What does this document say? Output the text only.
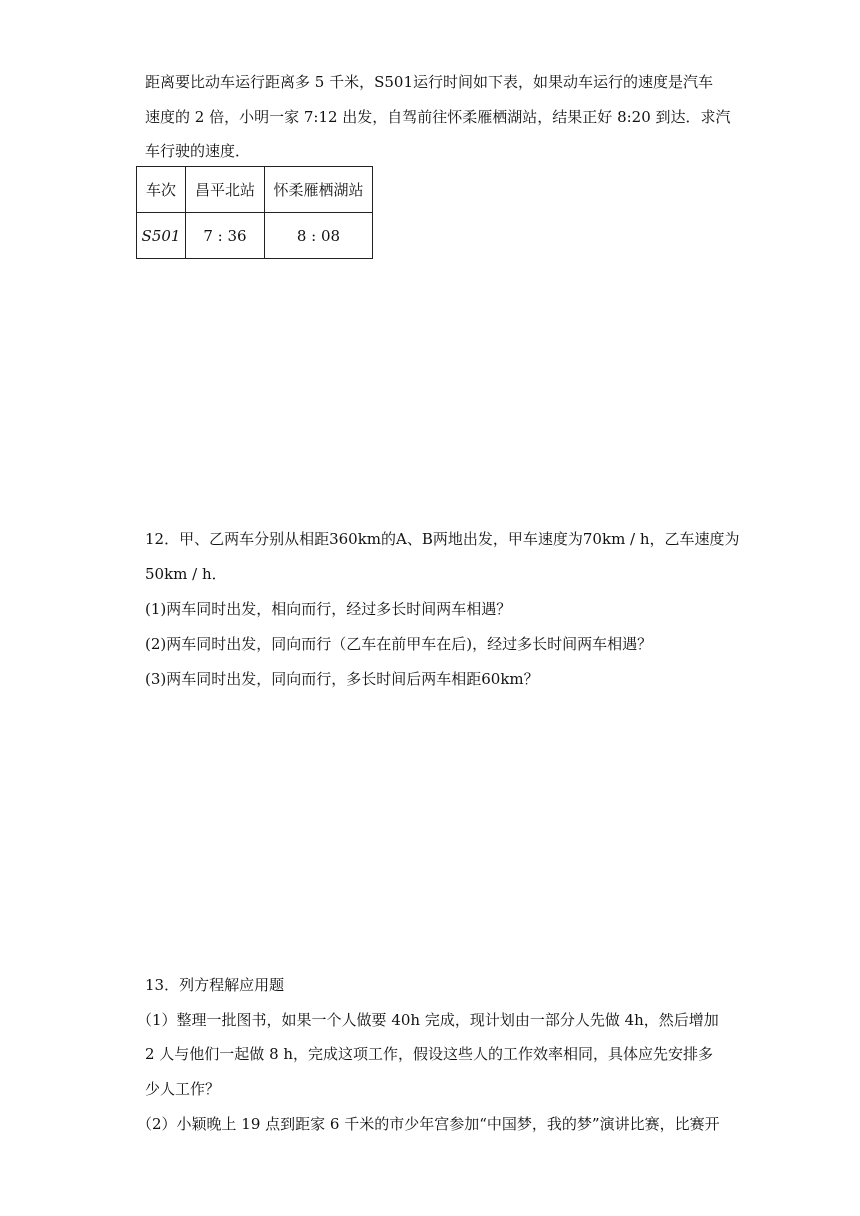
距离要比动车运行距离多 5 千米，S501运行时间如下表，如果动车运行的速度是汽车
速度的 2 倍，小明一家 7:12 出发，自驾前往怀柔雁栖湖站，结果正好 8:20 到达．求汽
车行驶的速度．
车次	昌平北站	怀柔雁栖湖站
S501	7 : 36	8 : 08
12．甲、乙两车分别从相距360km的A、B两地出发，甲车速度为70km / h，乙车速度为
50km / h．
(1)两车同时出发，相向而行，经过多长时间两车相遇？
(2)两车同时出发，同向而行（乙车在前甲车在后)，经过多长时间两车相遇？
(3)两车同时出发，同向而行，多长时间后两车相距60km？
13．列方程解应用题
（1）整理一批图书，如果一个人做要 40h 完成，现计划由一部分人先做 4h，然后增加
2 人与他们一起做 8 h，完成这项工作，假设这些人的工作效率相同，具体应先安排多
少人工作？
（2）小颖晚上 19 点到距家 6 千米的市少年宫参加“中国梦，我的梦”演讲比赛，比赛开
